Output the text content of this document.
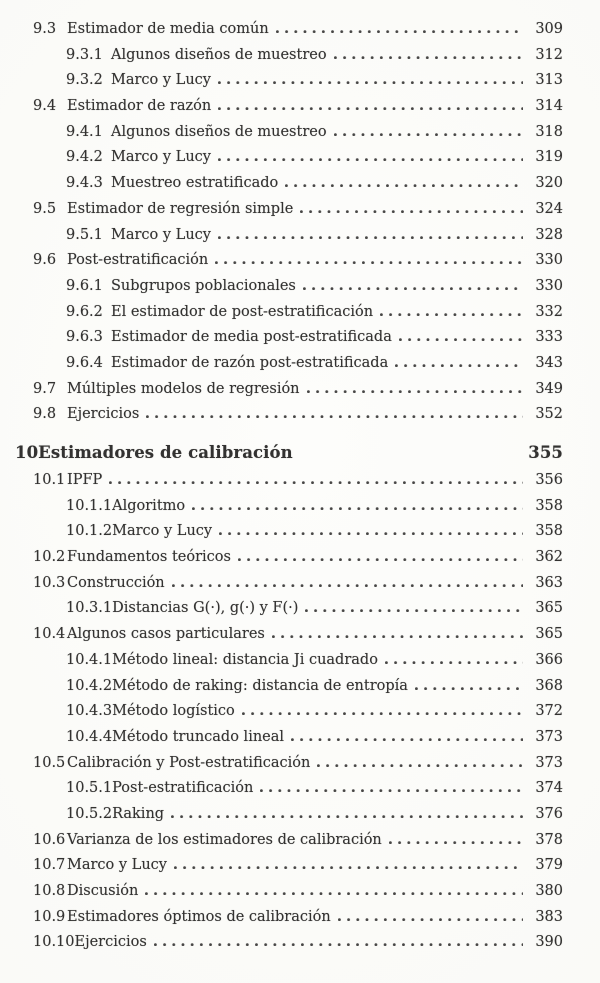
9.3 Estimador de media común	309
9.3.1 Algunos diseños de muestreo	312
9.3.2 Marco y Lucy	313
9.4 Estimador de razón	314
9.4.1 Algunos diseños de muestreo	318
9.4.2 Marco y Lucy	319
9.4.3 Muestreo estratificado	320
9.5 Estimador de regresión simple	324
9.5.1 Marco y Lucy	328
9.6 Post-estratificación	330
9.6.1 Subgrupos poblacionales	330
9.6.2 El estimador de post-estratificación	332
9.6.3 Estimador de media post-estratificada	333
9.6.4 Estimador de razón post-estratificada	343
9.7 Múltiples modelos de regresión	349
9.8 Ejercicios	352
10 Estimadores de calibración	355
10.1 IPFP	356
10.1.1 Algoritmo	358
10.1.2 Marco y Lucy	358
10.2 Fundamentos teóricos	362
10.3 Construcción	363
10.3.1 Distancias G(·), g(·) y F(·)	365
10.4 Algunos casos particulares	365
10.4.1 Método lineal: distancia Ji cuadrado	366
10.4.2 Método de raking: distancia de entropía	368
10.4.3 Método logístico	372
10.4.4 Método truncado lineal	373
10.5 Calibración y Post-estratificación	373
10.5.1 Post-estratificación	374
10.5.2 Raking	376
10.6 Varianza de los estimadores de calibración	378
10.7 Marco y Lucy	379
10.8 Discusión	380
10.9 Estimadores óptimos de calibración	383
10.10 Ejercicios	390
